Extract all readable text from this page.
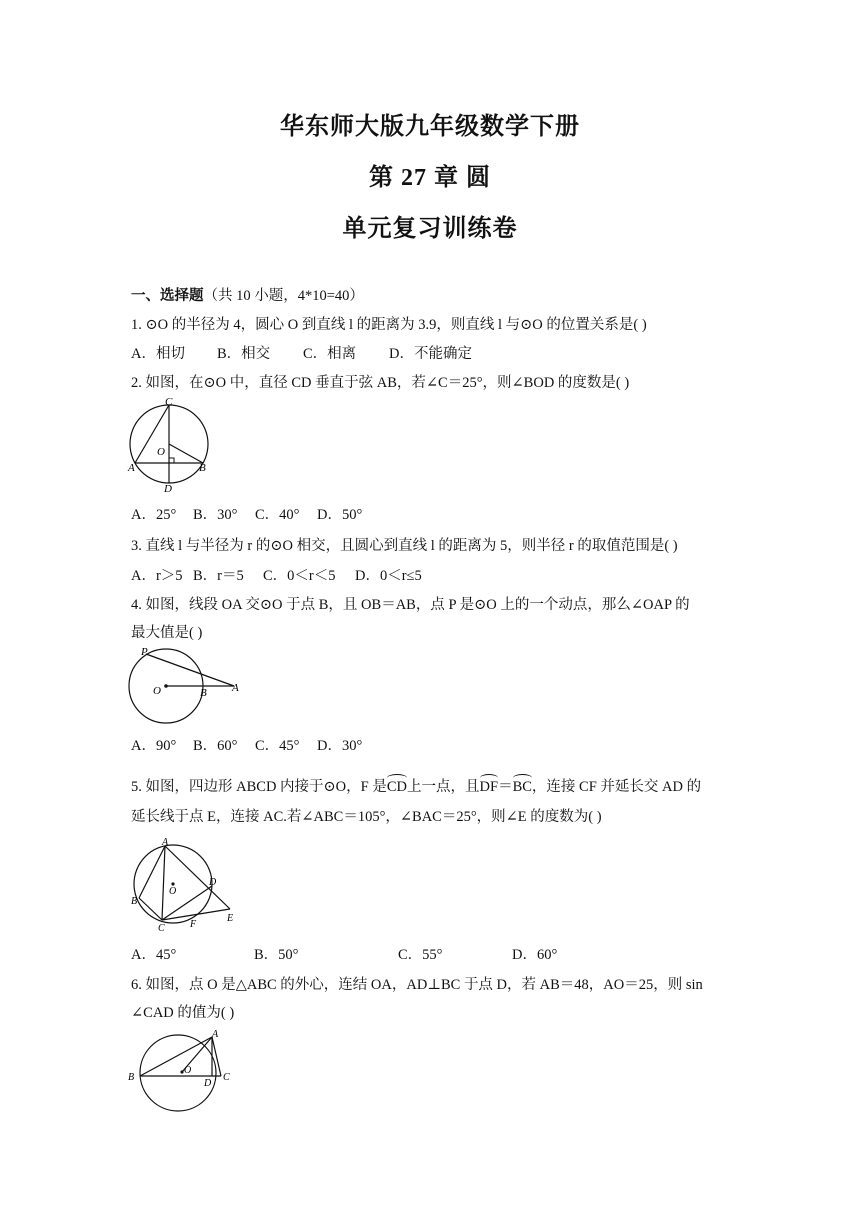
华东师大版九年级数学下册
第 27 章 圆
单元复习训练卷
一、选择题（共 10 小题，4*10=40）
1. ⊙O 的半径为 4，圆心 O 到直线 l 的距离为 3.9，则直线 l 与⊙O 的位置关系是( )
A．相切 B．相交 C．相离 D．不能确定
2. 如图，在⊙O 中，直径 CD 垂直于弦 AB，若∠C＝25°，则∠BOD 的度数是( )
C
O
A	B
D
A．25° B．30° C．40° D．50°
3. 直线 l 与半径为 r 的⊙O 相交，且圆心到直线 l 的距离为 5，则半径 r 的取值范围是( )
A．r＞5 B．r＝5 C．0＜r＜5 D．0＜r≤5
4. 如图，线段 OA 交⊙O 于点 B，且 OB＝AB，点 P 是⊙O 上的一个动点，那么∠OAP 的
最大值是( )
P
O	B A
A．90° B．60° C．45° D．30°
5. 如图，四边形 ABCD 内接于⊙O，F 是CD上一点，且DF＝BC，连接 CF 并延长交 AD 的
延长线于点 E，连接 AC.若∠ABC＝105°，∠BAC＝25°，则∠E 的度数为( )
A
O
D
B
C	F
E
A．45°	B．50°	C．55°	D．60°
6. 如图，点 O 是△ABC 的外心，连结 OA，AD⊥BC 于点 D，若 AB＝48，AO＝25，则 sin
∠CAD 的值为( )
A
B
O
D
C
